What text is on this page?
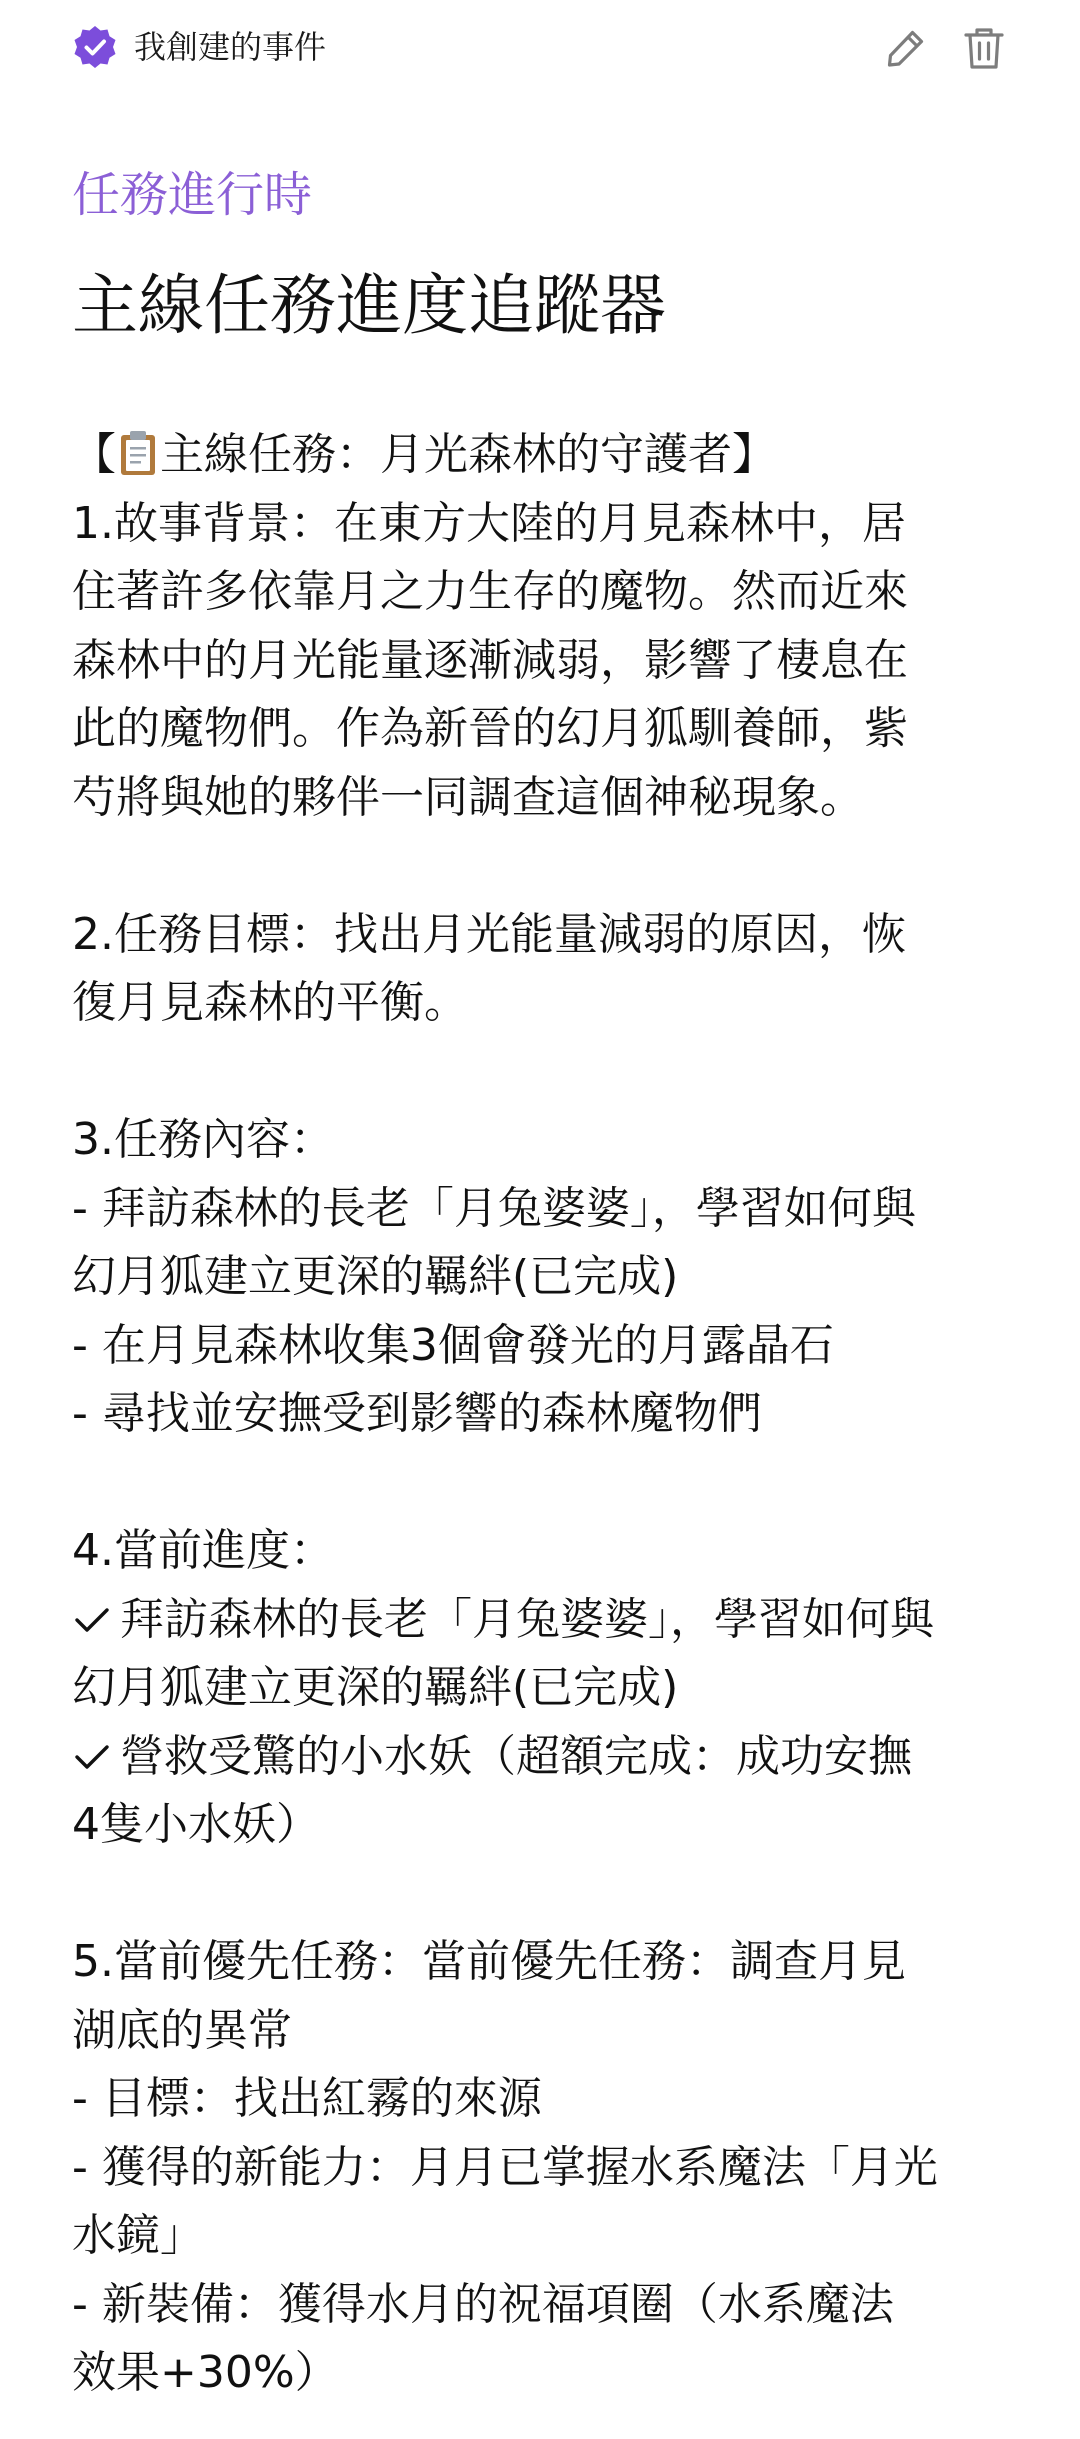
我創建的事件
任務進行時
主線任務進度追蹤器
【 主線任務：月光森林的守護者】
1.故事背景：在東方大陸的月見森林中，居
住著許多依靠月之力生存的魔物。然而近來
森林中的月光能量逐漸減弱，影響了棲息在
此的魔物們。作為新晉的幻月狐馴養師，紫
芍將與她的夥伴一同調查這個神秘現象。
2.任務目標：找出月光能量減弱的原因，恢
復月見森林的平衡。
3.任務內容：
- 拜訪森林的長老「月兔婆婆」，學習如何與
幻月狐建立更深的羈絆(已完成)
- 在月見森林收集3個會發光的月露晶石
- 尋找並安撫受到影響的森林魔物們
4.當前進度：
拜訪森林的長老「月兔婆婆」，學習如何與
幻月狐建立更深的羈絆(已完成)
營救受驚的小水妖（超額完成：成功安撫
4隻小水妖）
5.當前優先任務：當前優先任務：調查月見
湖底的異常
- 目標：找出紅霧的來源
- 獲得的新能力：月月已掌握水系魔法「月光
水鏡」
- 新裝備：獲得水月的祝福項圈（水系魔法
效果+30%）
